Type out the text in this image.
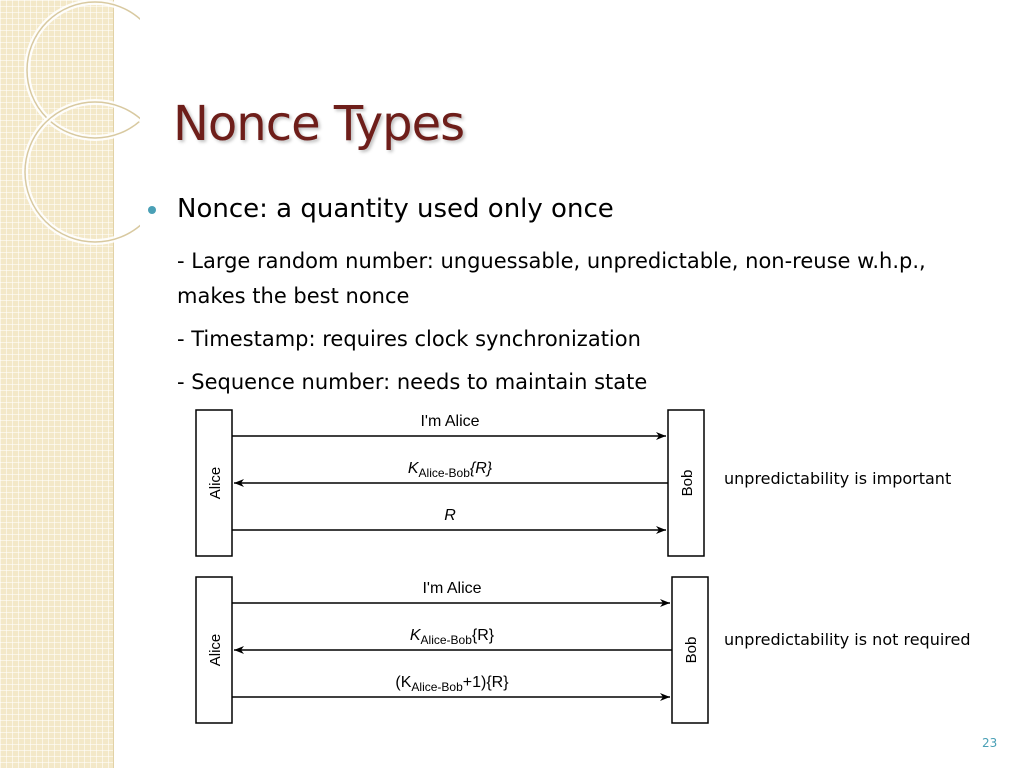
Nonce Types
Nonce: a quantity used only once
- Large random number: unguessable, unpredictable, non-reuse w.h.p., makes the best nonce
- Timestamp: requires clock synchronization
- Sequence number: needs to maintain state
Alice	Bob
I'm Alice
$K_{Alice-Bob}\{R\}$
R
Alice	Bob
I'm Alice
$K_{Alice-Bob}\{R\}$
$(K_{Alice-Bob}+1)\{R\}$
unpredictability is important
unpredictability is not required
23
